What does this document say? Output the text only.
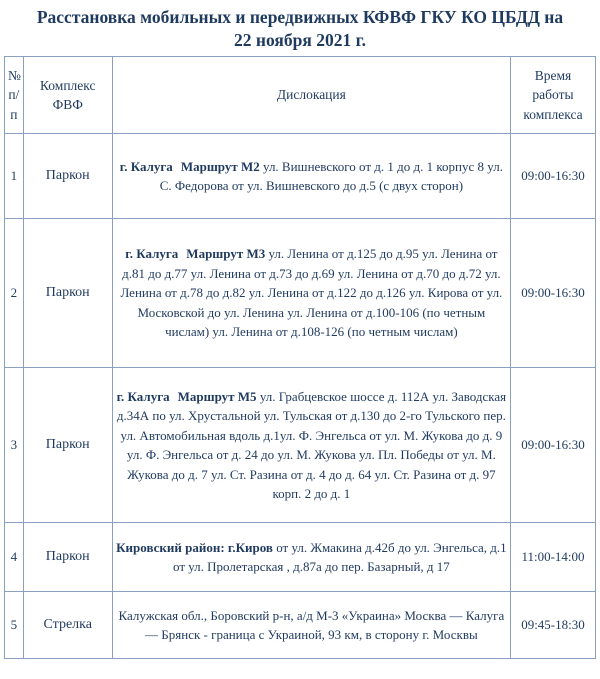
Расстановка мобильных и передвижных КФВФ ГКУ КО ЦБДД на
22 ноября 2021 г.
№ п/ п	Комплекс ФВФ	Дислокация	Время работы комплекса
1	Паркон	г. Калуга Маршрут М2 ул. Вишневского от д. 1 до д. 1 корпус 8 ул. С. Федорова от ул. Вишневского до д.5 (с двух сторон)	09:00-16:30
2	Паркон	г. Калуга Маршрут М3 ул. Ленина от д.125 до д.95 ул. Ленина от д.81 до д.77 ул. Ленина от д.73 до д.69 ул. Ленина от д.70 до д.72 ул. Ленина от д.78 до д.82 ул. Ленина от д.122 до д.126 ул. Кирова от ул. Московской до ул. Ленина ул. Ленина от д.100-106 (по четным числам) ул. Ленина от д.108-126 (по четным числам)	09:00-16:30
3	Паркон	г. Калуга Маршрут М5 ул. Грабцевское шоссе д. 112А ул. Заводская д.34А по ул. Хрустальной ул. Тульская от д.130 до 2-го Тульского пер. ул. Автомобильная вдоль д.1ул. Ф. Энгельса от ул. М. Жукова до д. 9 ул. Ф. Энгельса от д. 24 до ул. М. Жукова ул. Пл. Победы от ул. М. Жукова до д. 7 ул. Ст. Разина от д. 4 до д. 64 ул. Ст. Разина от д. 97 корп. 2 до д. 1	09:00-16:30
4	Паркон	Кировский район: г.Киров от ул. Жмакина д.42б до ул. Энгельса, д.1 от ул. Пролетарская , д.87а до пер. Базарный, д 17	11:00-14:00
5	Стрелка	Калужская обл., Боровский р-н, а/д М-3 «Украина» Москва — Калуга — Брянск - граница с Украиной, 93 км, в сторону г. Москвы	09:45-18:30
